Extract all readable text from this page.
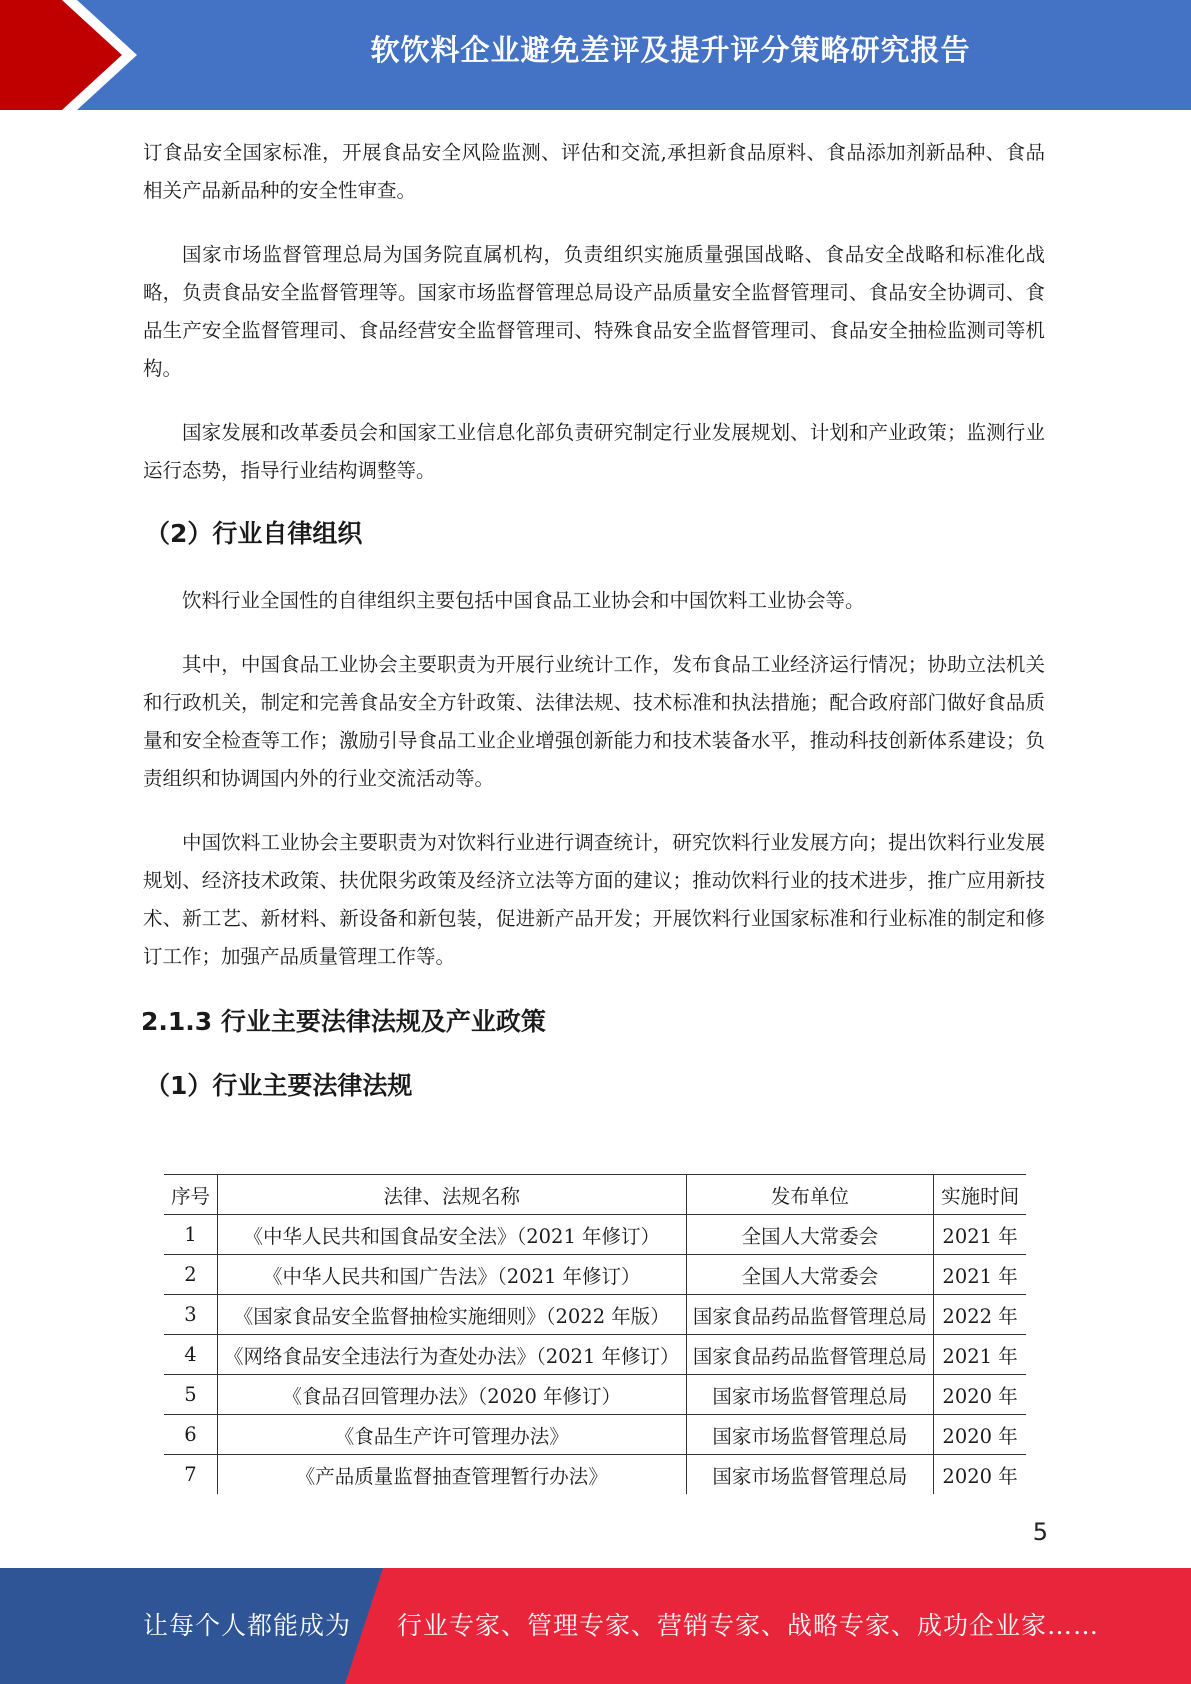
软饮料企业避免差评及提升评分策略研究报告

订食品安全国家标准，开展食品安全风险监测、评估和交流,承担新食品原料、食品添加剂新品种、食品相关产品新品种的安全性审查。

国家市场监督管理总局为国务院直属机构，负责组织实施质量强国战略、食品安全战略和标准化战略，负责食品安全监督管理等。国家市场监督管理总局设产品质量安全监督管理司、食品安全协调司、食品生产安全监督管理司、食品经营安全监督管理司、特殊食品安全监督管理司、食品安全抽检监测司等机构。

国家发展和改革委员会和国家工业信息化部负责研究制定行业发展规划、计划和产业政策；监测行业运行态势，指导行业结构调整等。

（2）行业自律组织

饮料行业全国性的自律组织主要包括中国食品工业协会和中国饮料工业协会等。

其中，中国食品工业协会主要职责为开展行业统计工作，发布食品工业经济运行情况；协助立法机关和行政机关，制定和完善食品安全方针政策、法律法规、技术标准和执法措施；配合政府部门做好食品质量和安全检查等工作；激励引导食品工业企业增强创新能力和技术装备水平，推动科技创新体系建设；负责组织和协调国内外的行业交流活动等。

中国饮料工业协会主要职责为对饮料行业进行调查统计，研究饮料行业发展方向；提出饮料行业发展规划、经济技术政策、扶优限劣政策及经济立法等方面的建议；推动饮料行业的技术进步，推广应用新技术、新工艺、新材料、新设备和新包装，促进新产品开发；开展饮料行业国家标准和行业标准的制定和修订工作；加强产品质量管理工作等。

2.1.3 行业主要法律法规及产业政策
（1）行业主要法律法规
序号	法律、法规名称	发布单位	实施时间
1	《中华人民共和国食品安全法》（2021 年修订）	全国人大常委会	2021 年
2	《中华人民共和国广告法》（2021 年修订）	全国人大常委会	2021 年
3	《国家食品安全监督抽检实施细则》（2022 年版）	国家食品药品监督管理总局	2022 年
4	《网络食品安全违法行为查处办法》（2021 年修订）	国家食品药品监督管理总局	2021 年
5	《食品召回管理办法》（2020 年修订）	国家市场监督管理总局	2020 年
6	《食品生产许可管理办法》	国家市场监督管理总局	2020 年
7	《产品质量监督抽查管理暂行办法》	国家市场监督管理总局	2020 年
5
让每个人都能成为 行业专家、管理专家、营销专家、战略专家、成功企业家……
